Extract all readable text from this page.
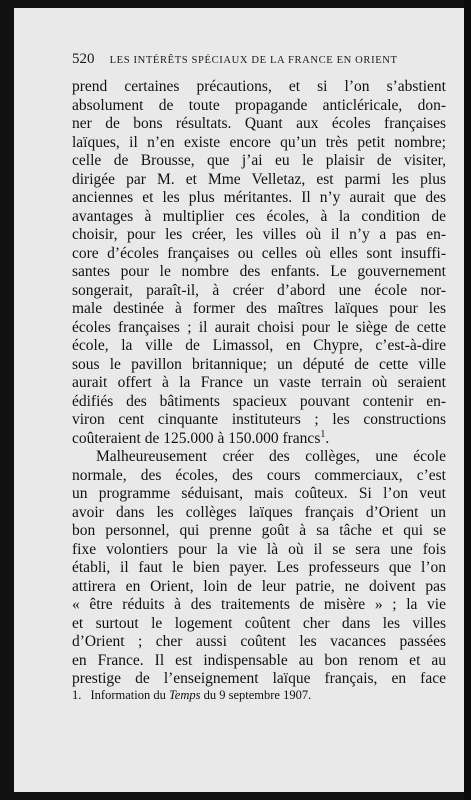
520 LES INTÉRÊTS SPÉCIAUX DE LA FRANCE EN ORIENT
prend certaines précautions, et si l’on s’abstient
absolument de toute propagande anticléricale, don-
ner de bons résultats. Quant aux écoles françaises
laïques, il n’en existe encore qu’un très petit nombre;
celle de Brousse, que j’ai eu le plaisir de visiter,
dirigée par M. et Mme Velletaz, est parmi les plus
anciennes et les plus méritantes. Il n’y aurait que des
avantages à multiplier ces écoles, à la condition de
choisir, pour les créer, les villes où il n’y a pas en-
core d’écoles françaises ou celles où elles sont insuffi-
santes pour le nombre des enfants. Le gouvernement
songerait, paraît-il, à créer d’abord une école nor-
male destinée à former des maîtres laïques pour les
écoles françaises ; il aurait choisi pour le siège de cette
école, la ville de Limassol, en Chypre, c’est-à-dire
sous le pavillon britannique; un député de cette ville
aurait offert à la France un vaste terrain où seraient
édifiés des bâtiments spacieux pouvant contenir en-
viron cent cinquante instituteurs ; les constructions
coûteraient de 125.000 à 150.000 francs$^1$.
Malheureusement créer des collèges, une école
normale, des écoles, des cours commerciaux, c’est
un programme séduisant, mais coûteux. Si l’on veut
avoir dans les collèges laïques français d’Orient un
bon personnel, qui prenne goût à sa tâche et qui se
fixe volontiers pour la vie là où il se sera une fois
établi, il faut le bien payer. Les professeurs que l’on
attirera en Orient, loin de leur patrie, ne doivent pas
« être réduits à des traitements de misère » ; la vie
et surtout le logement coûtent cher dans les villes
d’Orient ; cher aussi coûtent les vacances passées
en France. Il est indispensable au bon renom et au
prestige de l’enseignement laïque français, en face
1. Information du Temps du 9 septembre 1907.
